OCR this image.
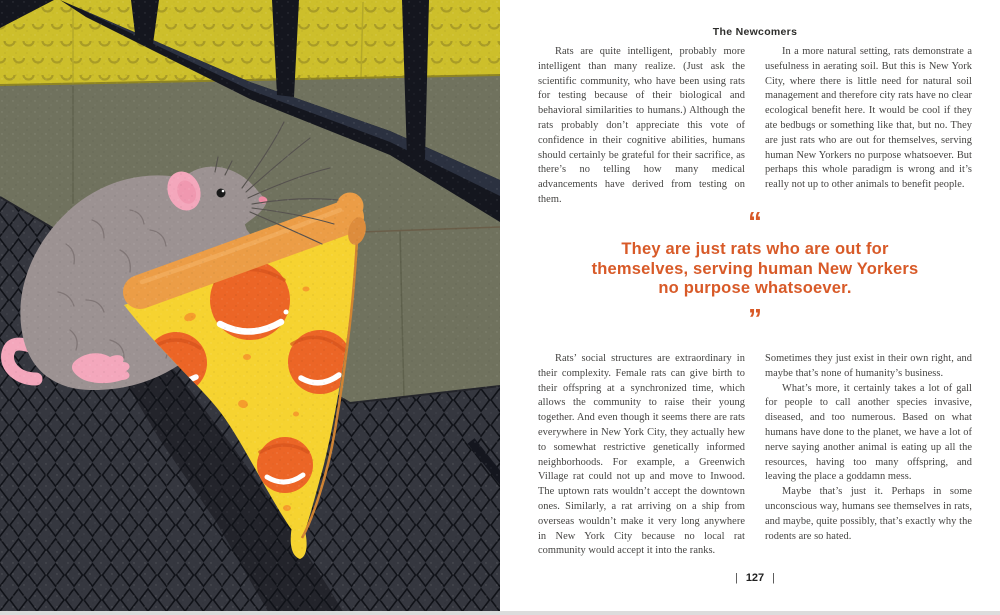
The Newcomers

Rats are quite intelligent, probably more intelligent than many realize. (Just ask the scientific community, who have been using rats for testing because of their biological and behavioral similarities to humans.) Although the rats probably don’t appreciate this vote of confidence in their cognitive abilities, humans should certainly be grateful for their sacrifice, as there’s no telling how many medical advancements have derived from testing on them.

In a more natural setting, rats demonstrate a usefulness in aerating soil. But this is New York City, where there is little need for natural soil management and therefore city rats have no clear ecological benefit here. It would be cool if they ate bedbugs or something like that, but no. They are just rats who are out for themselves, serving human New Yorkers no purpose whatsoever. But perhaps this whole paradigm is wrong and it’s really not up to other animals to benefit people.

“
They are just rats who are out for
themselves, serving human New Yorkers
no purpose whatsoever.
”

Rats’ social structures are extraordinary in their complexity. Female rats can give birth to their offspring at a synchronized time, which allows the community to raise their young together. And even though it seems there are rats everywhere in New York City, they actually hew to somewhat restrictive genetically informed neighborhoods. For example, a Greenwich Village rat could not up and move to Inwood. The uptown rats wouldn’t accept the downtown ones. Similarly, a rat arriving on a ship from overseas wouldn’t make it very long anywhere in New York City because no local rat community would accept it into the ranks.

Sometimes they just exist in their own right, and maybe that’s none of humanity’s business.

What’s more, it certainly takes a lot of gall for people to call another species invasive, diseased, and too numerous. Based on what humans have done to the planet, we have a lot of nerve saying another animal is eating up all the resources, having too many offspring, and leaving the place a goddamn mess.

Maybe that’s just it. Perhaps in some unconscious way, humans see themselves in rats, and maybe, quite possibly, that’s exactly why the rodents are so hated.

| 127 |
